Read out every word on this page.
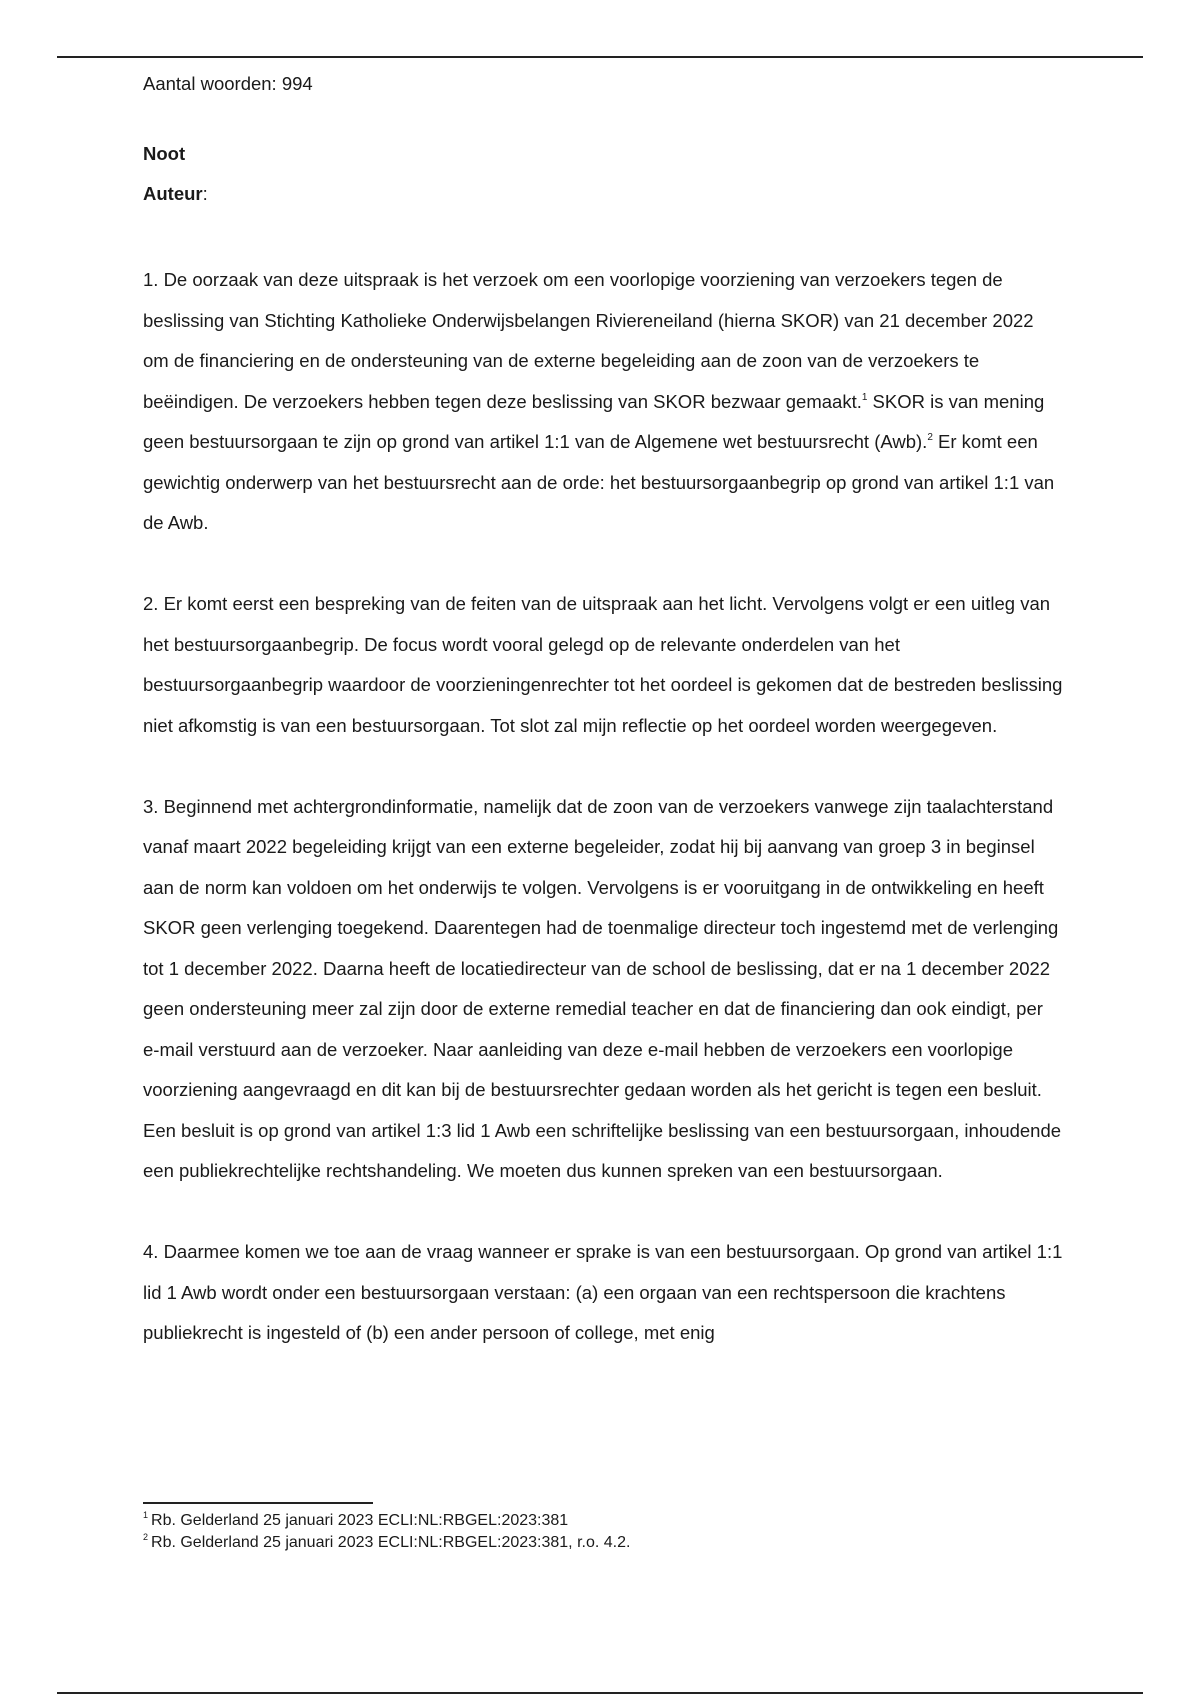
Aantal woorden: 994

Noot

Auteur:

1. De oorzaak van deze uitspraak is het verzoek om een voorlopige voorziening van verzoekers tegen de beslissing van Stichting Katholieke Onderwijsbelangen Riviereneiland (hierna SKOR) van 21 december 2022 om de financiering en de ondersteuning van de externe begeleiding aan de zoon van de verzoekers te beëindigen. De verzoekers hebben tegen deze beslissing van SKOR bezwaar gemaakt.$^1$ SKOR is van mening geen bestuursorgaan te zijn op grond van artikel 1:1 van de Algemene wet bestuursrecht (Awb).$^2$ Er komt een gewichtig onderwerp van het bestuursrecht aan de orde: het bestuursorgaanbegrip op grond van artikel 1:1 van de Awb.

2. Er komt eerst een bespreking van de feiten van de uitspraak aan het licht. Vervolgens volgt er een uitleg van het bestuursorgaanbegrip. De focus wordt vooral gelegd op de relevante onderdelen van het bestuursorgaanbegrip waardoor de voorzieningenrechter tot het oordeel is gekomen dat de bestreden beslissing niet afkomstig is van een bestuursorgaan. Tot slot zal mijn reflectie op het oordeel worden weergegeven.

3. Beginnend met achtergrondinformatie, namelijk dat de zoon van de verzoekers vanwege zijn taalachterstand vanaf maart 2022 begeleiding krijgt van een externe begeleider, zodat hij bij aanvang van groep 3 in beginsel aan de norm kan voldoen om het onderwijs te volgen. Vervolgens is er vooruitgang in de ontwikkeling en heeft SKOR geen verlenging toegekend. Daarentegen had de toenmalige directeur toch ingestemd met de verlenging tot 1 december 2022. Daarna heeft de locatiedirecteur van de school de beslissing, dat er na 1 december 2022 geen ondersteuning meer zal zijn door de externe remedial teacher en dat de financiering dan ook eindigt, per e-mail verstuurd aan de verzoeker. Naar aanleiding van deze e-mail hebben de verzoekers een voorlopige voorziening aangevraagd en dit kan bij de bestuursrechter gedaan worden als het gericht is tegen een besluit. Een besluit is op grond van artikel 1:3 lid 1 Awb een schriftelijke beslissing van een bestuursorgaan, inhoudende een publiekrechtelijke rechtshandeling. We moeten dus kunnen spreken van een bestuursorgaan.

4. Daarmee komen we toe aan de vraag wanneer er sprake is van een bestuursorgaan. Op grond van artikel 1:1 lid 1 Awb wordt onder een bestuursorgaan verstaan: (a) een orgaan van een rechtspersoon die krachtens publiekrecht is ingesteld of (b) een ander persoon of college, met enig

$^1$ Rb. Gelderland 25 januari 2023 ECLI:NL:RBGEL:2023:381

$^2$ Rb. Gelderland 25 januari 2023 ECLI:NL:RBGEL:2023:381, r.o. 4.2.
